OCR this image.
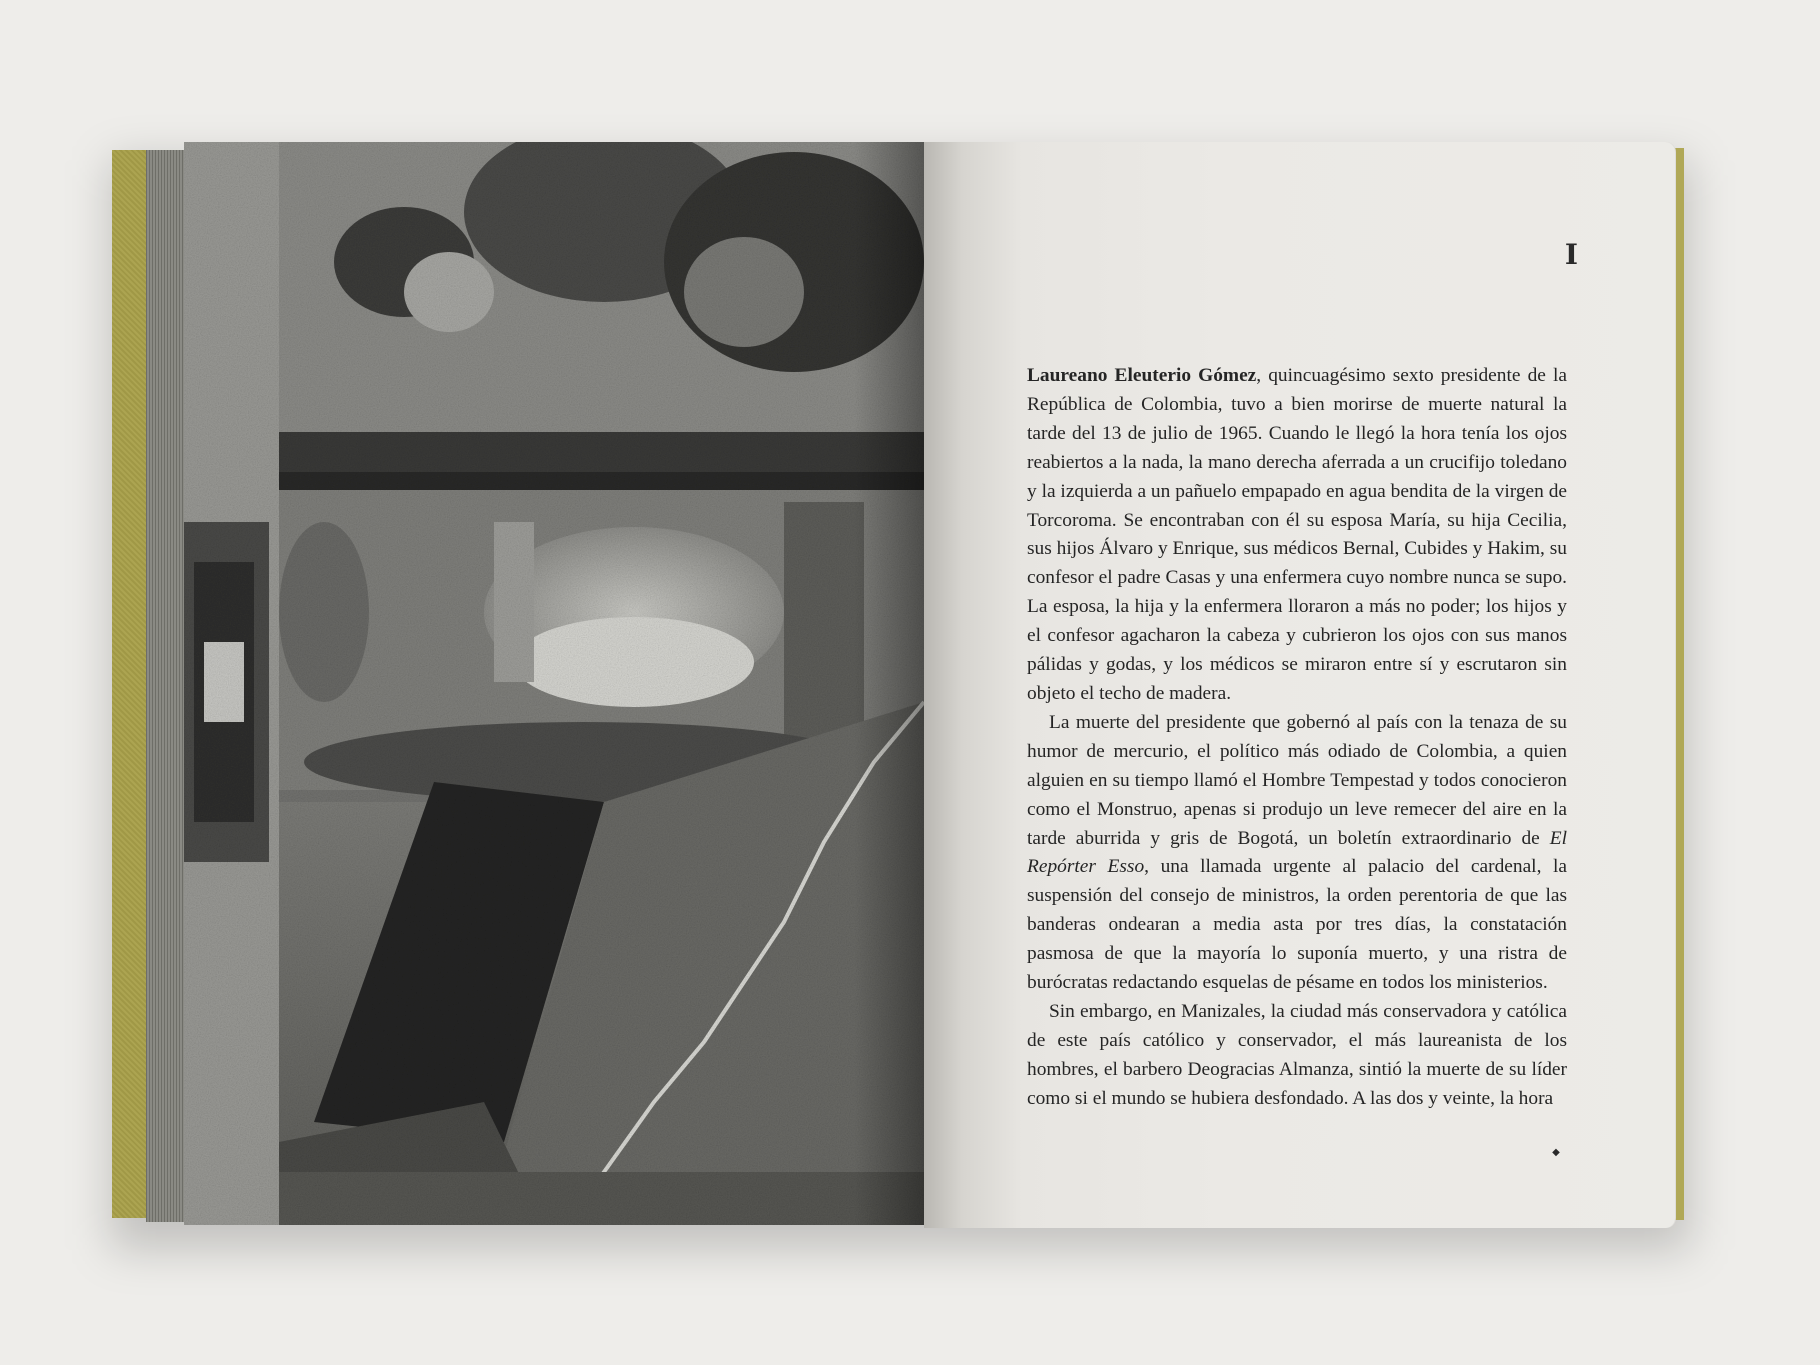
I

Laureano Eleuterio Gómez, quincuagésimo sexto presidente de la República de Colombia, tuvo a bien morirse de muerte natural la tarde del 13 de julio de 1965. Cuando le llegó la hora tenía los ojos reabiertos a la nada, la mano derecha aferrada a un crucifijo toledano y la izquierda a un pañuelo empapado en agua bendita de la virgen de Torcoroma. Se encontraban con él su esposa María, su hija Cecilia, sus hijos Álvaro y Enrique, sus médicos Bernal, Cubides y Hakim, su confesor el padre Casas y una enfermera cuyo nombre nunca se supo. La esposa, la hija y la enfermera lloraron a más no poder; los hijos y el confesor agacharon la cabeza y cubrieron los ojos con sus manos pálidas y godas, y los médicos se miraron entre sí y escrutaron sin objeto el techo de madera.

La muerte del presidente que gobernó al país con la tenaza de su humor de mercurio, el político más odiado de Colombia, a quien alguien en su tiempo llamó el Hombre Tempestad y todos conocieron como el Monstruo, apenas si produjo un leve remecer del aire en la tarde aburrida y gris de Bogotá, un boletín extraordinario de El Repórter Esso, una llamada urgente al palacio del cardenal, la suspensión del consejo de ministros, la orden perentoria de que las banderas ondearan a media asta por tres días, la constatación pasmosa de que la mayoría lo suponía muerto, y una ristra de burócratas redactando esquelas de pésame en todos los ministerios.

Sin embargo, en Manizales, la ciudad más conservadora y católica de este país católico y conservador, el más laureanista de los hombres, el barbero Deogracias Almanza, sintió la muerte de su líder como si el mundo se hubiera desfondado. A las dos y veinte, la hora

◆
